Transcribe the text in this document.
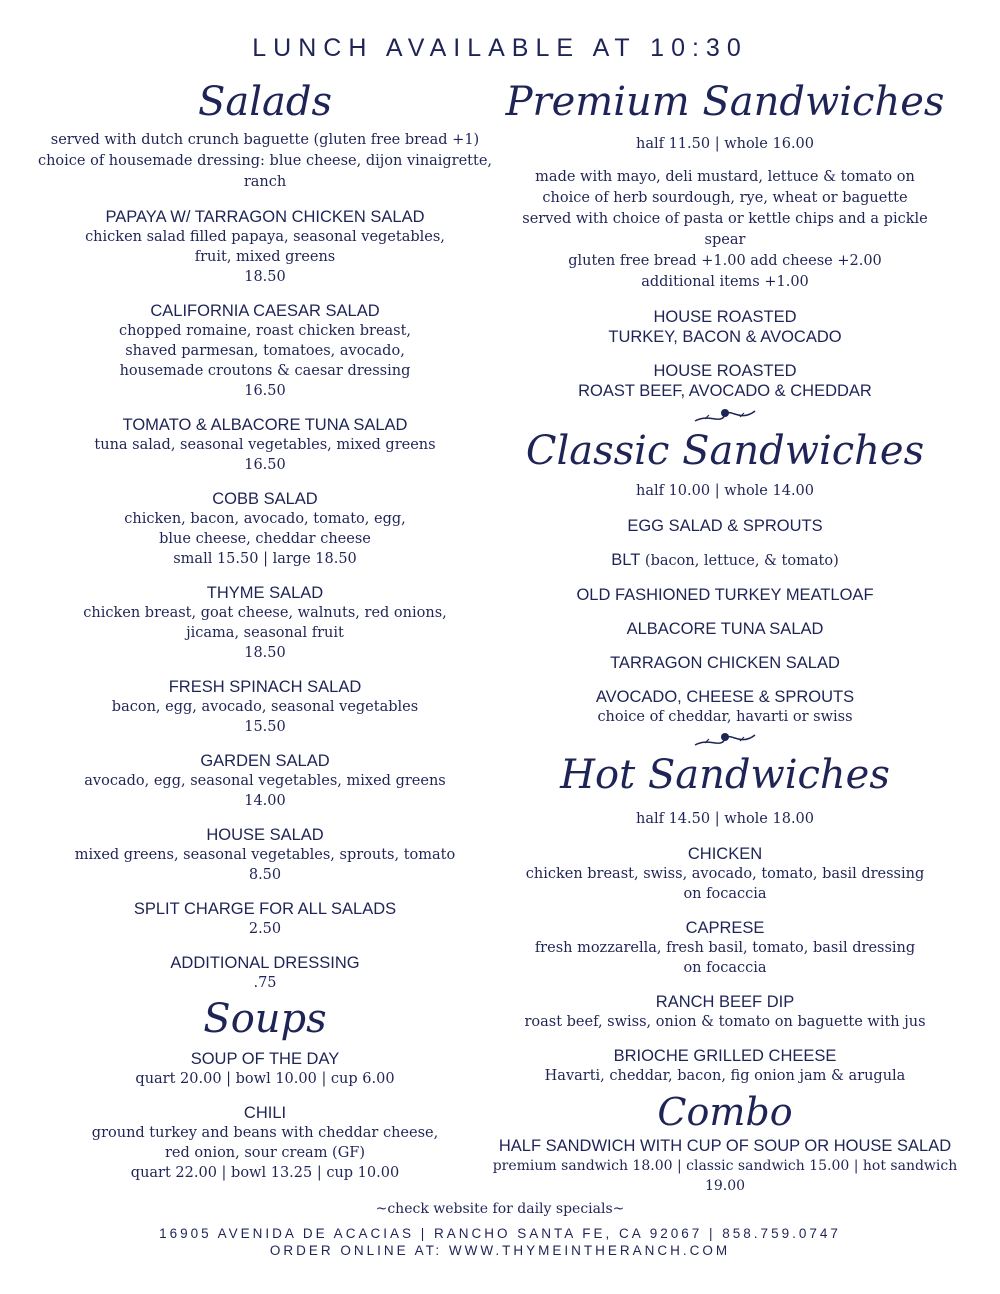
LUNCH AVAILABLE AT 10:30
Salads
served with dutch crunch baguette (gluten free bread +1)
choice of housemade dressing: blue cheese, dijon vinaigrette, ranch
PAPAYA W/ TARRAGON CHICKEN SALAD
chicken salad filled papaya, seasonal vegetables,
fruit, mixed greens
18.50
CALIFORNIA CAESAR SALAD
chopped romaine, roast chicken breast,
shaved parmesan, tomatoes, avocado,
housemade croutons & caesar dressing
16.50
TOMATO & ALBACORE TUNA SALAD
tuna salad, seasonal vegetables, mixed greens
16.50
COBB SALAD
chicken, bacon, avocado, tomato, egg,
blue cheese, cheddar cheese
small 15.50 | large 18.50
THYME SALAD
chicken breast, goat cheese, walnuts, red onions,
jicama, seasonal fruit
18.50
FRESH SPINACH SALAD
bacon, egg, avocado, seasonal vegetables
15.50
GARDEN SALAD
avocado, egg, seasonal vegetables, mixed greens
14.00
HOUSE SALAD
mixed greens, seasonal vegetables, sprouts, tomato
8.50
SPLIT CHARGE FOR ALL SALADS
2.50
ADDITIONAL DRESSING
.75
Soups
SOUP OF THE DAY
quart 20.00 | bowl 10.00 | cup 6.00
CHILI
ground turkey and beans with cheddar cheese,
red onion, sour cream (GF)
quart 22.00 | bowl 13.25 | cup 10.00
Premium Sandwiches
half 11.50 | whole 16.00
made with mayo, deli mustard, lettuce & tomato on
choice of herb sourdough, rye, wheat or baguette
served with choice of pasta or kettle chips and a pickle spear
gluten free bread +1.00 add cheese +2.00
additional items +1.00
HOUSE ROASTED
TURKEY, BACON & AVOCADO
HOUSE ROASTED
ROAST BEEF, AVOCADO & CHEDDAR
Classic Sandwiches
half 10.00 | whole 14.00
EGG SALAD & SPROUTS
BLT (bacon, lettuce, & tomato)
OLD FASHIONED TURKEY MEATLOAF
ALBACORE TUNA SALAD
TARRAGON CHICKEN SALAD
AVOCADO, CHEESE & SPROUTS
choice of cheddar, havarti or swiss
Hot Sandwiches
half 14.50 | whole 18.00
CHICKEN
chicken breast, swiss, avocado, tomato, basil dressing
on focaccia
CAPRESE
fresh mozzarella, fresh basil, tomato, basil dressing
on focaccia
RANCH BEEF DIP
roast beef, swiss, onion & tomato on baguette with jus
BRIOCHE GRILLED CHEESE
Havarti, cheddar, bacon, fig onion jam & arugula
Combo
HALF SANDWICH WITH CUP OF SOUP OR HOUSE SALAD
premium sandwich 18.00 | classic sandwich 15.00 | hot sandwich 19.00
~check website for daily specials~
16905 AVENIDA DE ACACIAS | RANCHO SANTA FE, CA 92067 | 858.759.0747
ORDER ONLINE AT: WWW.THYMEINTHERANCH.COM
